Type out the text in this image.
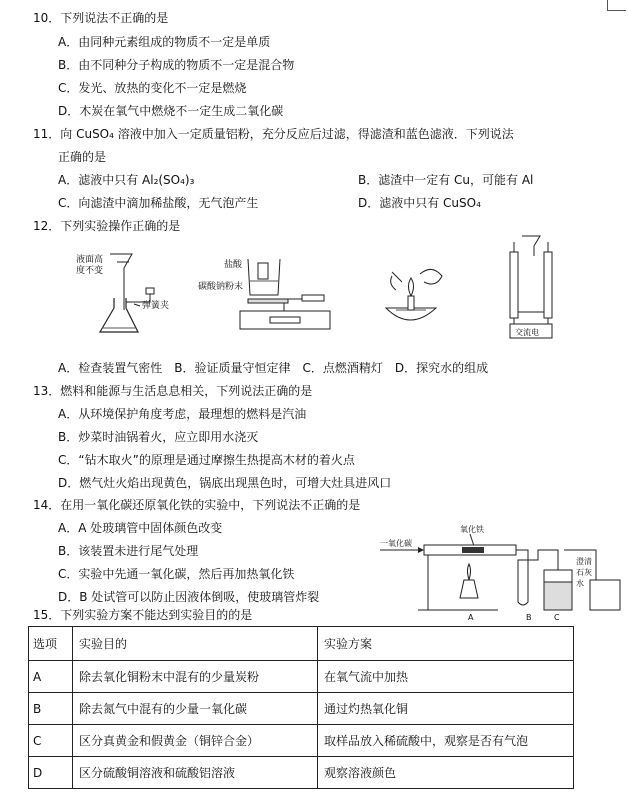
10．下列说法不正确的是
A．由同种元素组成的物质不一定是单质
B．由不同种分子构成的物质不一定是混合物
C．发光、放热的变化不一定是燃烧
D．木炭在氧气中燃烧不一定生成二氧化碳
11．向 CuSO₄ 溶液中加入一定质量铝粉，充分反应后过滤，得滤渣和蓝色滤液．下列说法
正确的是
A．滤液中只有 Al₂(SO₄)₃	B．滤渣中一定有 Cu，可能有 Al
C．向滤渣中滴加稀盐酸，无气泡产生	D．滤液中只有 CuSO₄
12．下列实验操作正确的是
液面高
度不变
弹簧夹
盐酸
碳酸钠粉末
交流电
A．检查装置气密性　B．验证质量守恒定律　C．点燃酒精灯　D．探究水的组成
13．燃料和能源与生活息息相关，下列说法正确的是
A．从环境保护角度考虑，最理想的燃料是汽油
B．炒菜时油锅着火，应立即用水浇灭
C．“钻木取火”的原理是通过摩擦生热提高木材的着火点
D．燃气灶火焰出现黄色，锅底出现黑色时，可增大灶具进风口
14．在用一氧化碳还原氧化铁的实验中，下列说法不正确的是
A．A 处玻璃管中固体颜色改变
B．该装置未进行尾气处理
C．实验中先通一氧化碳，然后再加热氧化铁
D．B 处试管可以防止因液体倒吸，使玻璃管炸裂
一氧化碳
氧化铁
澄清
石灰
水
A	B	C
15．下列实验方案不能达到实验目的的是
选项	实验目的	实验方案
A	除去氧化铜粉末中混有的少量炭粉	在氧气流中加热
B	除去氮气中混有的少量一氧化碳	通过灼热氧化铜
C	区分真黄金和假黄金（铜锌合金）	取样品放入稀硫酸中，观察是否有气泡
D	区分硫酸铜溶液和硫酸铝溶液	观察溶液颜色
